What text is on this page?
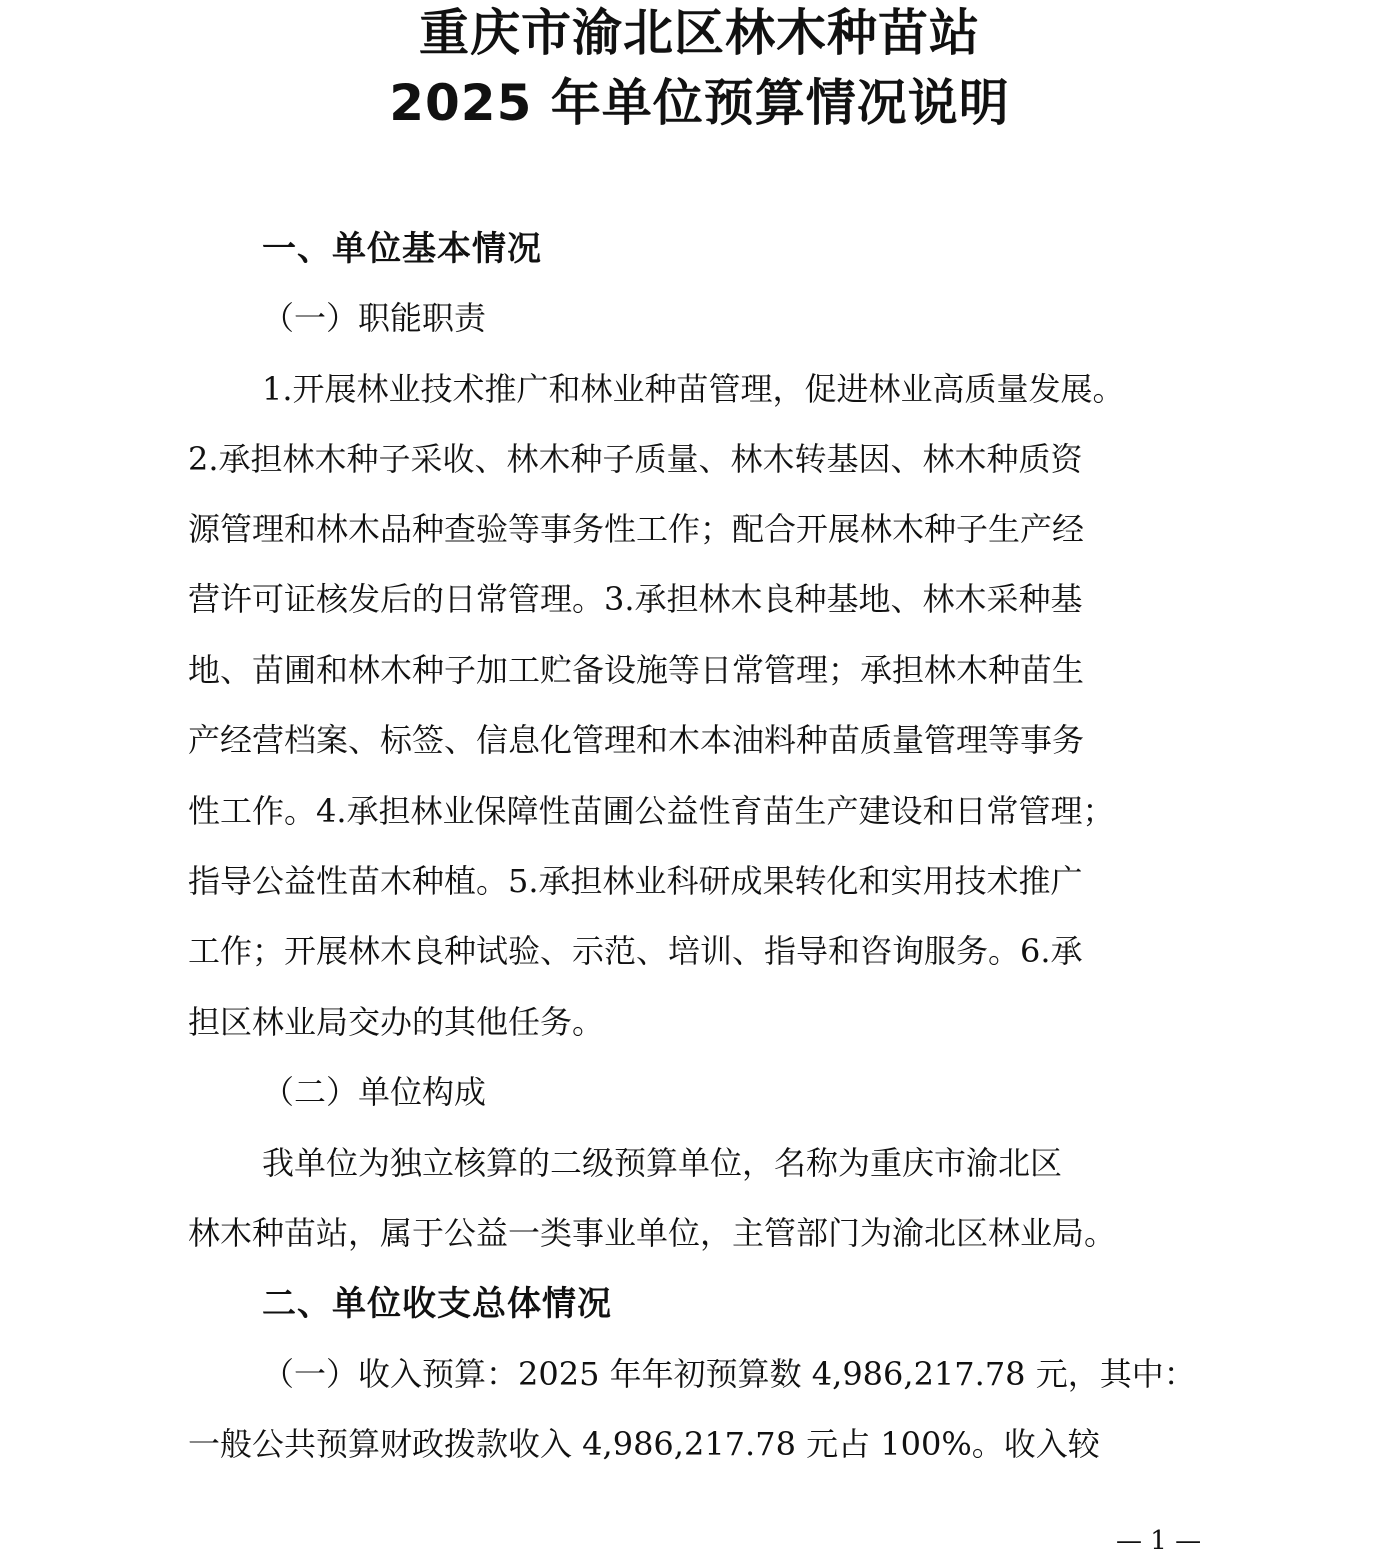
重庆市渝北区林木种苗站
2025 年单位预算情况说明
一、单位基本情况
（一）职能职责
1.开展林业技术推广和林业种苗管理，促进林业高质量发展。
2.承担林木种子采收、林木种子质量、林木转基因、林木种质资
源管理和林木品种查验等事务性工作；配合开展林木种子生产经
营许可证核发后的日常管理。3.承担林木良种基地、林木采种基
地、苗圃和林木种子加工贮备设施等日常管理；承担林木种苗生
产经营档案、标签、信息化管理和木本油料种苗质量管理等事务
性工作。4.承担林业保障性苗圃公益性育苗生产建设和日常管理；
指导公益性苗木种植。5.承担林业科研成果转化和实用技术推广
工作；开展林木良种试验、示范、培训、指导和咨询服务。6.承
担区林业局交办的其他任务。
（二）单位构成
我单位为独立核算的二级预算单位，名称为重庆市渝北区
林木种苗站，属于公益一类事业单位，主管部门为渝北区林业局。
二、单位收支总体情况
（一）收入预算：2025 年年初预算数 4,986,217.78 元，其中：
一般公共预算财政拨款收入 4,986,217.78 元占 100%。收入较
— 1 —
